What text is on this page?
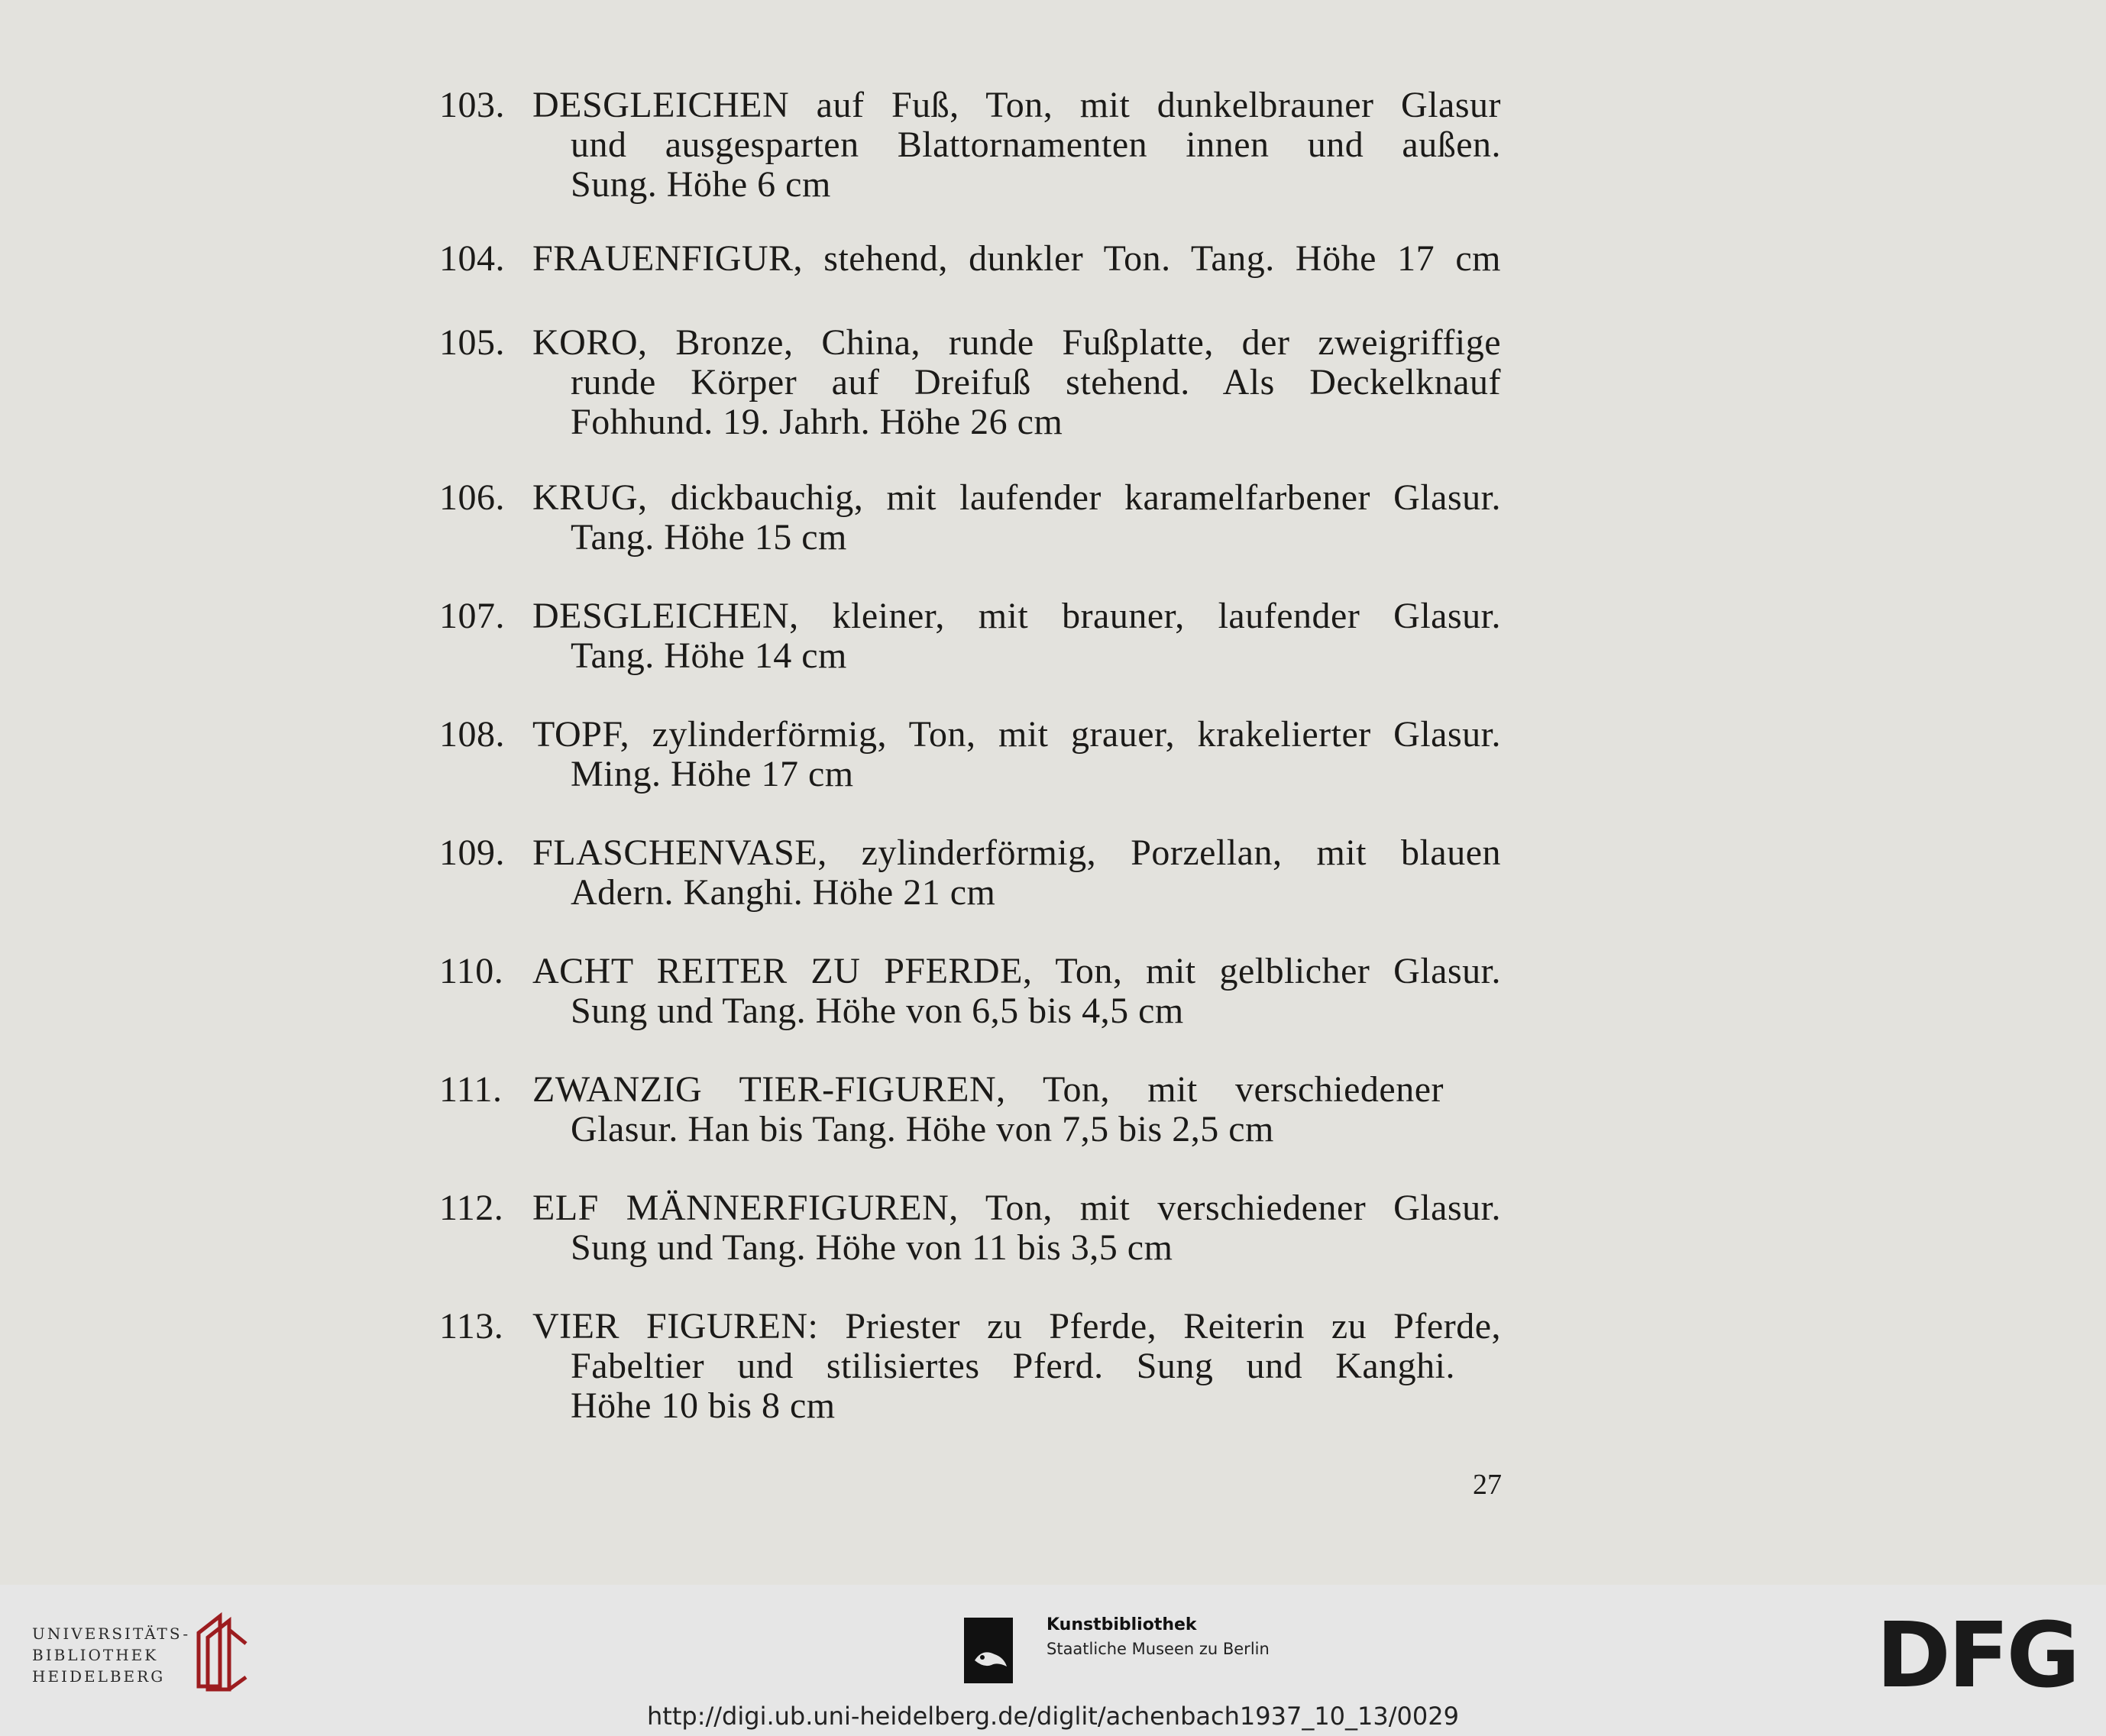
103. DESGLEICHEN auf Fuß, Ton, mit dunkelbrauner Glasur
und ausgesparten Blattornamenten innen und außen.
Sung. Höhe 6 cm
104. FRAUENFIGUR, stehend, dunkler Ton. Tang. Höhe 17 cm
105. KORO, Bronze, China, runde Fußplatte, der zweigriffige
runde Körper auf Dreifuß stehend. Als Deckelknauf
Fohhund. 19. Jahrh. Höhe 26 cm
106. KRUG, dickbauchig, mit laufender karamelfarbener Glasur.
Tang. Höhe 15 cm
107. DESGLEICHEN, kleiner, mit brauner, laufender Glasur.
Tang. Höhe 14 cm
108. TOPF, zylinderförmig, Ton, mit grauer, krakelierter Glasur.
Ming. Höhe 17 cm
109. FLASCHENVASE, zylinderförmig, Porzellan, mit blauen
Adern. Kanghi. Höhe 21 cm
110. ACHT REITER ZU PFERDE, Ton, mit gelblicher Glasur.
Sung und Tang. Höhe von 6,5 bis 4,5 cm
111. ZWANZIG TIER-FIGUREN, Ton, mit verschiedener
Glasur. Han bis Tang. Höhe von 7,5 bis 2,5 cm
112. ELF MÄNNERFIGUREN, Ton, mit verschiedener Glasur.
Sung und Tang. Höhe von 11 bis 3,5 cm
113. VIER FIGUREN: Priester zu Pferde, Reiterin zu Pferde,
Fabeltier und stilisiertes Pferd. Sung und Kanghi.
Höhe 10 bis 8 cm
27
UNIVERSITÄTS-
BIBLIOTHEK
HEIDELBERG
Kunstbibliothek
Staatliche Museen zu Berlin	DFG
http://digi.ub.uni-heidelberg.de/diglit/achenbach1937_10_13/0029
